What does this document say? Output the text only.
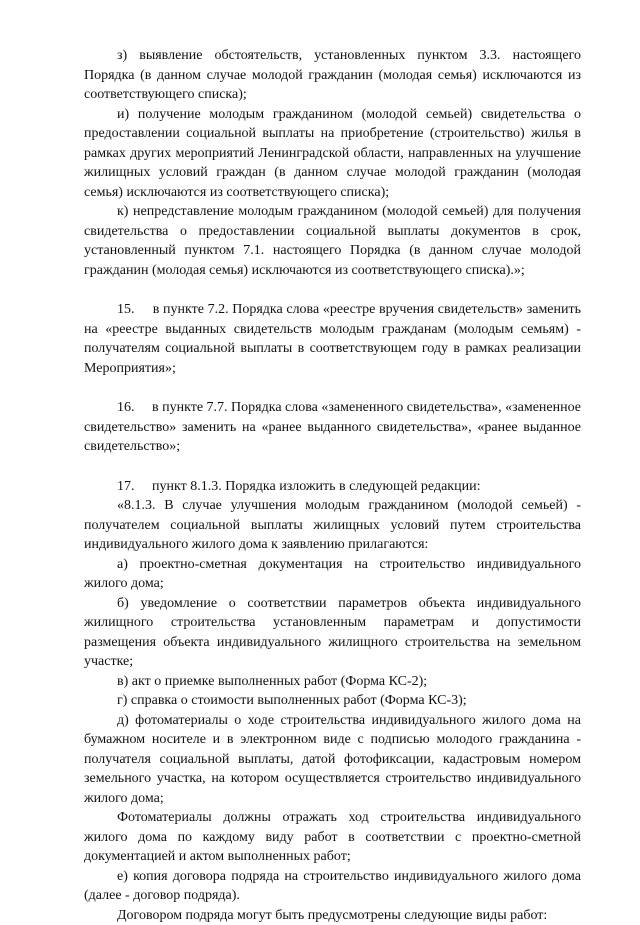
з) выявление обстоятельств, установленных пунктом 3.3. настоящего Порядка (в данном случае молодой гражданин (молодая семья) исключаются из соответствующего списка);

и) получение молодым гражданином (молодой семьей) свидетельства о предоставлении социальной выплаты на приобретение (строительство) жилья в рамках других мероприятий Ленинградской области, направленных на улучшение жилищных условий граждан (в данном случае молодой гражданин (молодая семья) исключаются из соответствующего списка);

к) непредставление молодым гражданином (молодой семьей) для получения свидетельства о предоставлении социальной выплаты документов в срок, установленный пунктом 7.1. настоящего Порядка (в данном случае молодой гражданин (молодая семья) исключаются из соответствующего списка).»;

15.     в пункте 7.2. Порядка слова «реестре вручения свидетельств» заменить на «реестре выданных свидетельств молодым гражданам (молодым семьям) - получателям социальной выплаты в соответствующем году в рамках реализации Мероприятия»;

16.     в пункте 7.7. Порядка слова «замененного свидетельства», «замененное свидетельство» заменить на «ранее выданного свидетельства», «ранее выданное свидетельство»;

17.     пункт 8.1.3. Порядка изложить в следующей редакции:

«8.1.3. В случае улучшения молодым гражданином (молодой семьей) - получателем социальной выплаты жилищных условий путем строительства индивидуального жилого дома к заявлению прилагаются:

а) проектно-сметная документация на строительство индивидуального жилого дома;

б) уведомление о соответствии параметров объекта индивидуального жилищного строительства установленным параметрам и допустимости размещения объекта индивидуального жилищного строительства на земельном участке;

в) акт о приемке выполненных работ (Форма КС-2);

г) справка о стоимости выполненных работ (Форма КС-3);

д) фотоматериалы о ходе строительства индивидуального жилого дома на бумажном носителе и в электронном виде с подписью молодого гражданина - получателя социальной выплаты, датой фотофиксации, кадастровым номером земельного участка, на котором осуществляется строительство индивидуального жилого дома;

Фотоматериалы должны отражать ход строительства индивидуального жилого дома по каждому виду работ в соответствии с проектно-сметной документацией и актом выполненных работ;

е) копия договора подряда на строительство индивидуального жилого дома (далее - договор подряда).

Договором подряда могут быть предусмотрены следующие виды работ:
